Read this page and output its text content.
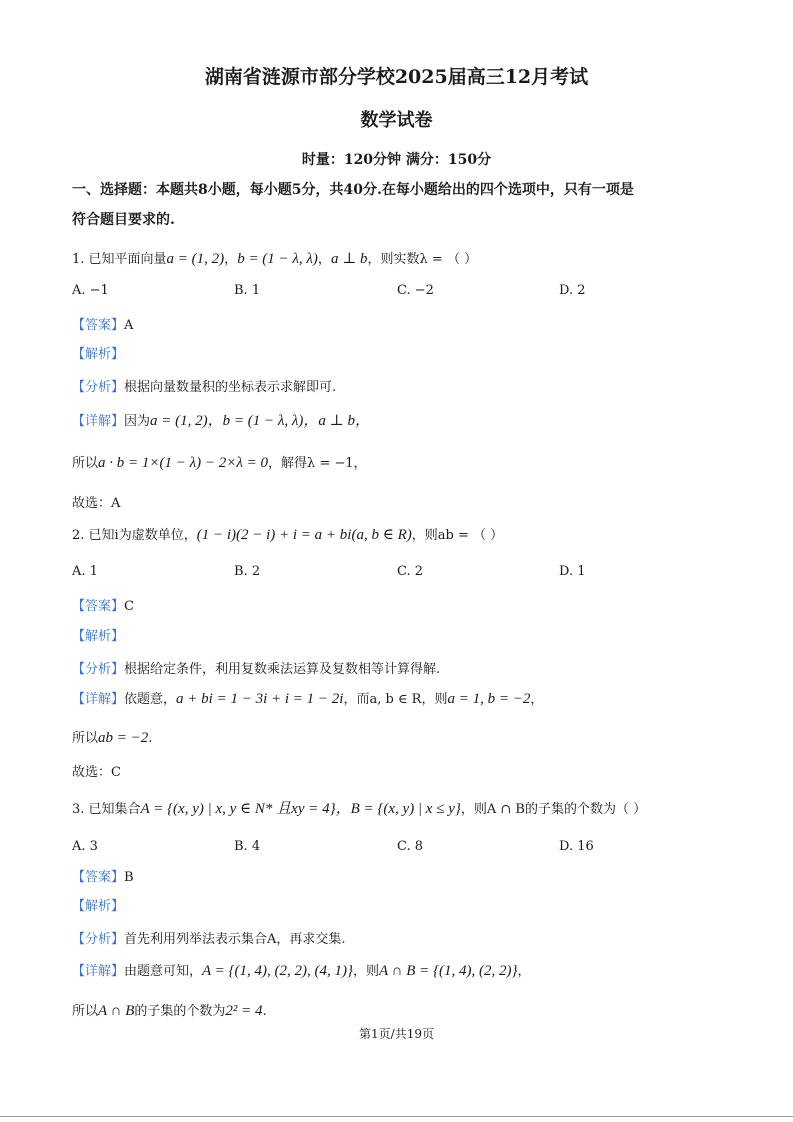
湖南省涟源市部分学校2025届高三12月考试
数学试卷
时量：120分钟 满分：150分
一、选择题：本题共8小题，每小题5分，共40分.在每小题给出的四个选项中，只有一项是
符合题目要求的.
1. 已知平面向量a = (1, 2)，b = (1 − λ, λ)，a ⊥ b，则实数λ = （ ）
A. −1	B. 1	C. −2	D. 2
【答案】A
【解析】
【分析】根据向量数量积的坐标表示求解即可.
【详解】因为a = (1, 2)，b = (1 − λ, λ)，a ⊥ b，
所以a · b = 1×(1 − λ) − 2×λ = 0，解得λ = −1，
故选：A
2. 已知i为虚数单位，(1 − i)(2 − i) + i = a + bi(a, b ∈ R)，则ab = （ ）
A. 1	B. 2	C. 2	D. 1
【答案】C
【解析】
【分析】根据给定条件，利用复数乘法运算及复数相等计算得解.
【详解】依题意，a + bi = 1 − 3i + i = 1 − 2i，而a, b ∈ R，则a = 1, b = −2，
所以ab = −2.
故选：C
3. 已知集合A = {(x, y) | x, y ∈ N* 且xy = 4}，B = {(x, y) | x ≤ y}，则A ∩ B的子集的个数为（ ）
A. 3	B. 4	C. 8	D. 16
【答案】B
【解析】
【分析】首先利用列举法表示集合A，再求交集.
【详解】由题意可知，A = {(1, 4), (2, 2), (4, 1)}，则A ∩ B = {(1, 4), (2, 2)}，
所以A ∩ B的子集的个数为2² = 4.
第1页/共19页
